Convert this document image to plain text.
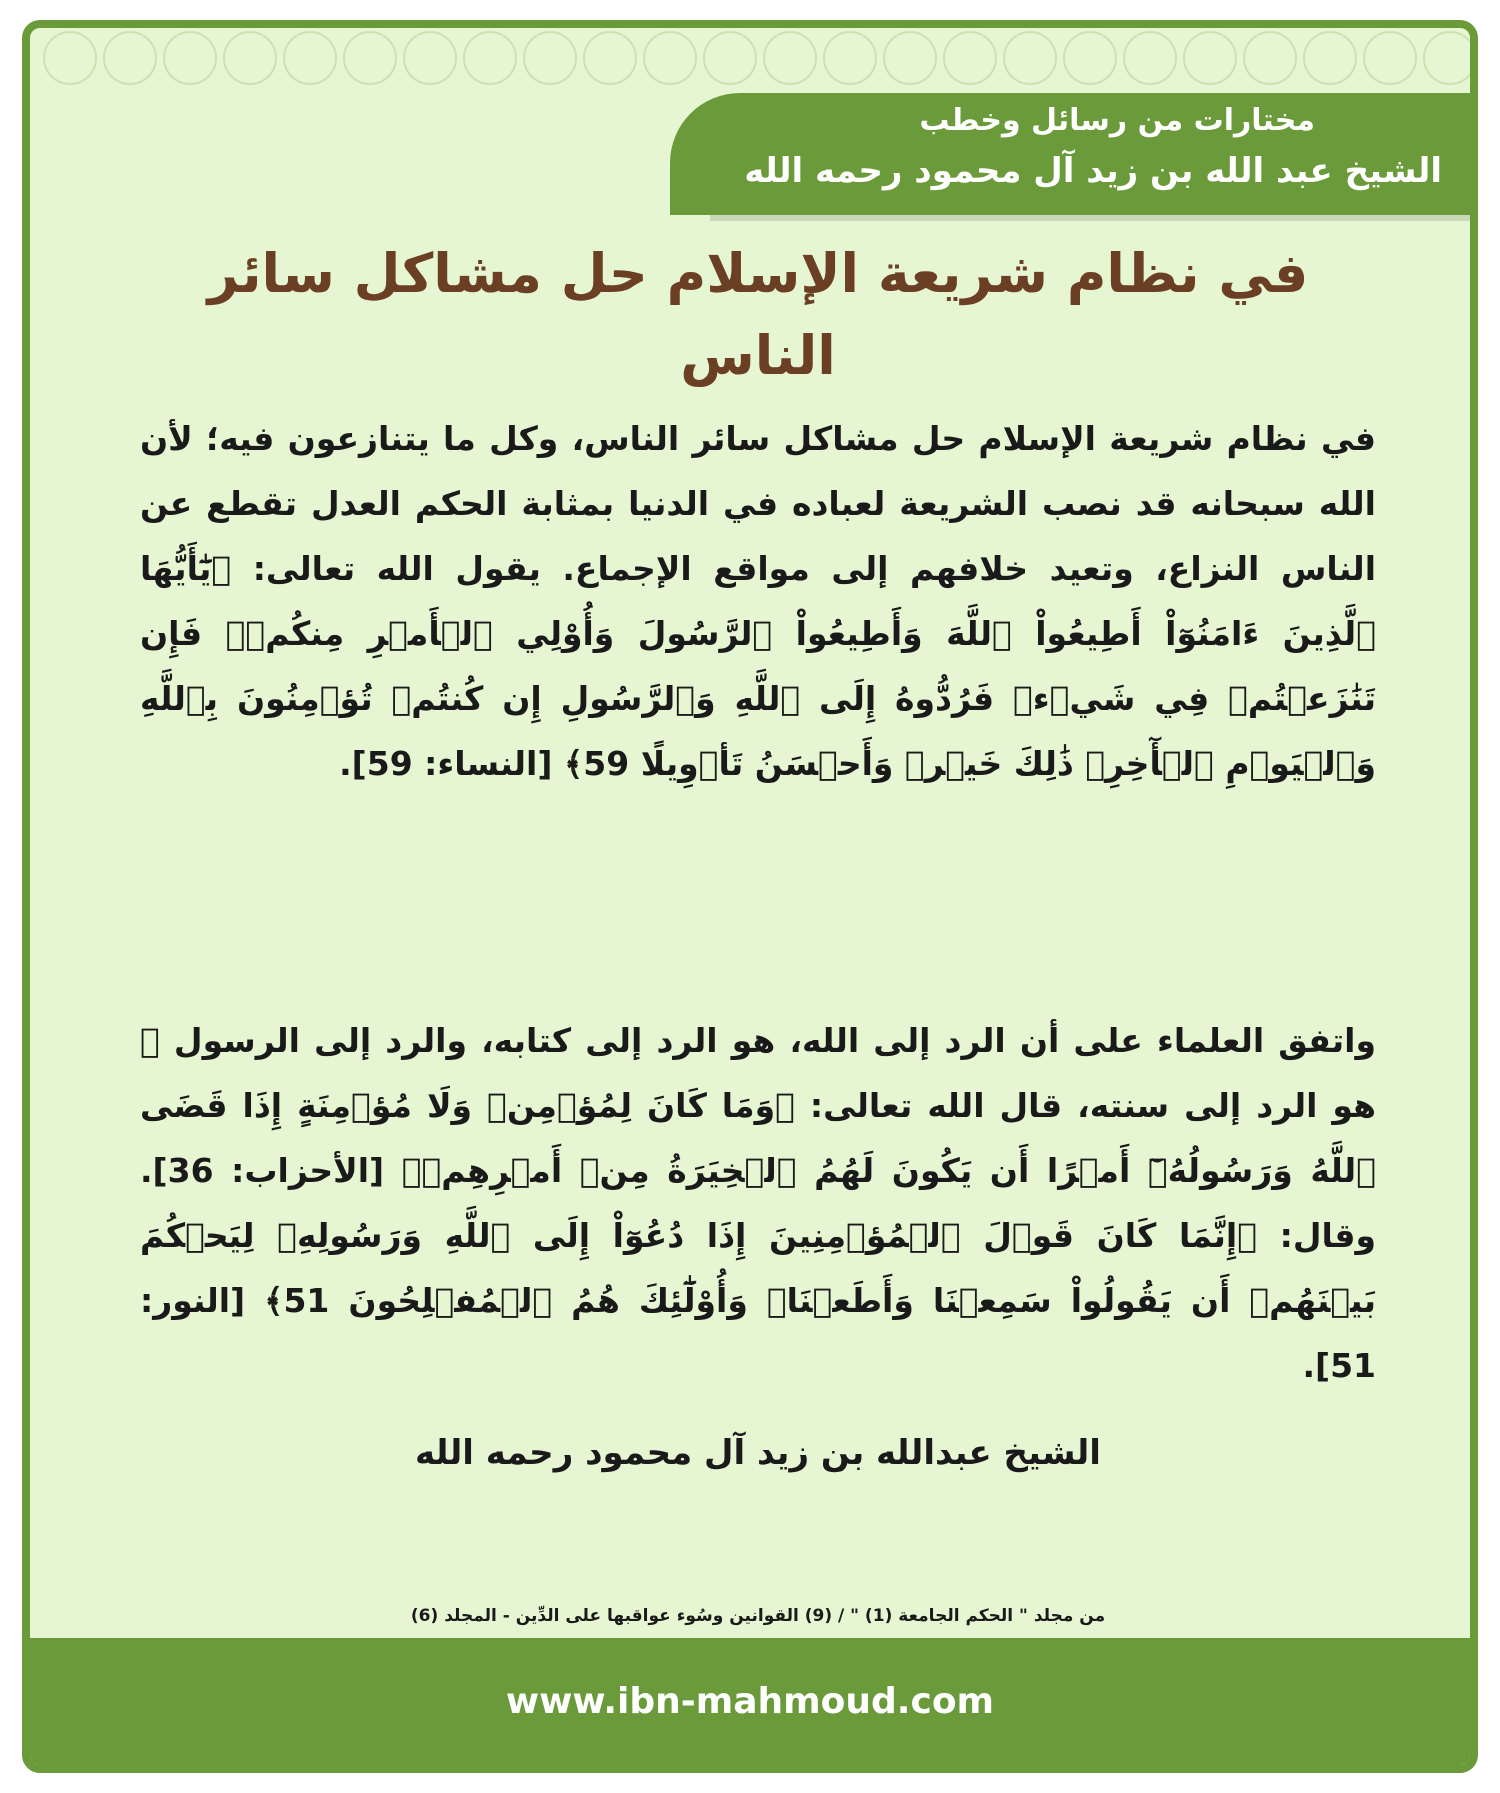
مختارات من رسائل وخطب
الشيخ عبد الله بن زيد آل محمود رحمه الله
في نظام شريعة الإسلام حل مشاكل سائر الناس
في نظام شريعة الإسلام حل مشاكل سائر الناس، وكل ما يتنازعون فيه؛ لأن الله سبحانه قد نصب الشريعة لعباده في الدنيا بمثابة الحكم العدل تقطع عن الناس النزاع، وتعيد خلافهم إلى مواقع الإجماع. يقول الله تعالى: ﴿يَٰٓأَيُّهَا ٱلَّذِينَ ءَامَنُوٓاْ أَطِيعُواْ ٱللَّهَ وَأَطِيعُواْ ٱلرَّسُولَ وَأُوْلِي ٱلۡأَمۡرِ مِنكُمۡۖ فَإِن تَنَٰزَعۡتُمۡ فِي شَيۡءٖ فَرُدُّوهُ إِلَى ٱللَّهِ وَٱلرَّسُولِ إِن كُنتُمۡ تُؤۡمِنُونَ بِٱللَّهِ وَٱلۡيَوۡمِ ٱلۡأٓخِرِۚ ذَٰلِكَ خَيۡرٞ وَأَحۡسَنُ تَأۡوِيلًا 59﴾ [النساء: 59].
واتفق العلماء على أن الرد إلى الله، هو الرد إلى كتابه، والرد إلى الرسول ﷺ هو الرد إلى سنته، قال الله تعالى: ﴿وَمَا كَانَ لِمُؤۡمِنٖ وَلَا مُؤۡمِنَةٍ إِذَا قَضَى ٱللَّهُ وَرَسُولُهُۥٓ أَمۡرًا أَن يَكُونَ لَهُمُ ٱلۡخِيَرَةُ مِنۡ أَمۡرِهِمۡ﴾ [الأحزاب: 36]. وقال: ﴿إِنَّمَا كَانَ قَوۡلَ ٱلۡمُؤۡمِنِينَ إِذَا دُعُوٓاْ إِلَى ٱللَّهِ وَرَسُولِهِۦ لِيَحۡكُمَ بَيۡنَهُمۡ أَن يَقُولُواْ سَمِعۡنَا وَأَطَعۡنَاۚ وَأُوْلَٰٓئِكَ هُمُ ٱلۡمُفۡلِحُونَ 51﴾ [النور: 51].
الشيخ عبدالله بن زيد آل محمود رحمه الله
من مجلد " الحكم الجامعة (1) " / (9) القوانين وسُوء عواقبها على الدِّين - المجلد (6)
www.ibn-mahmoud.com
